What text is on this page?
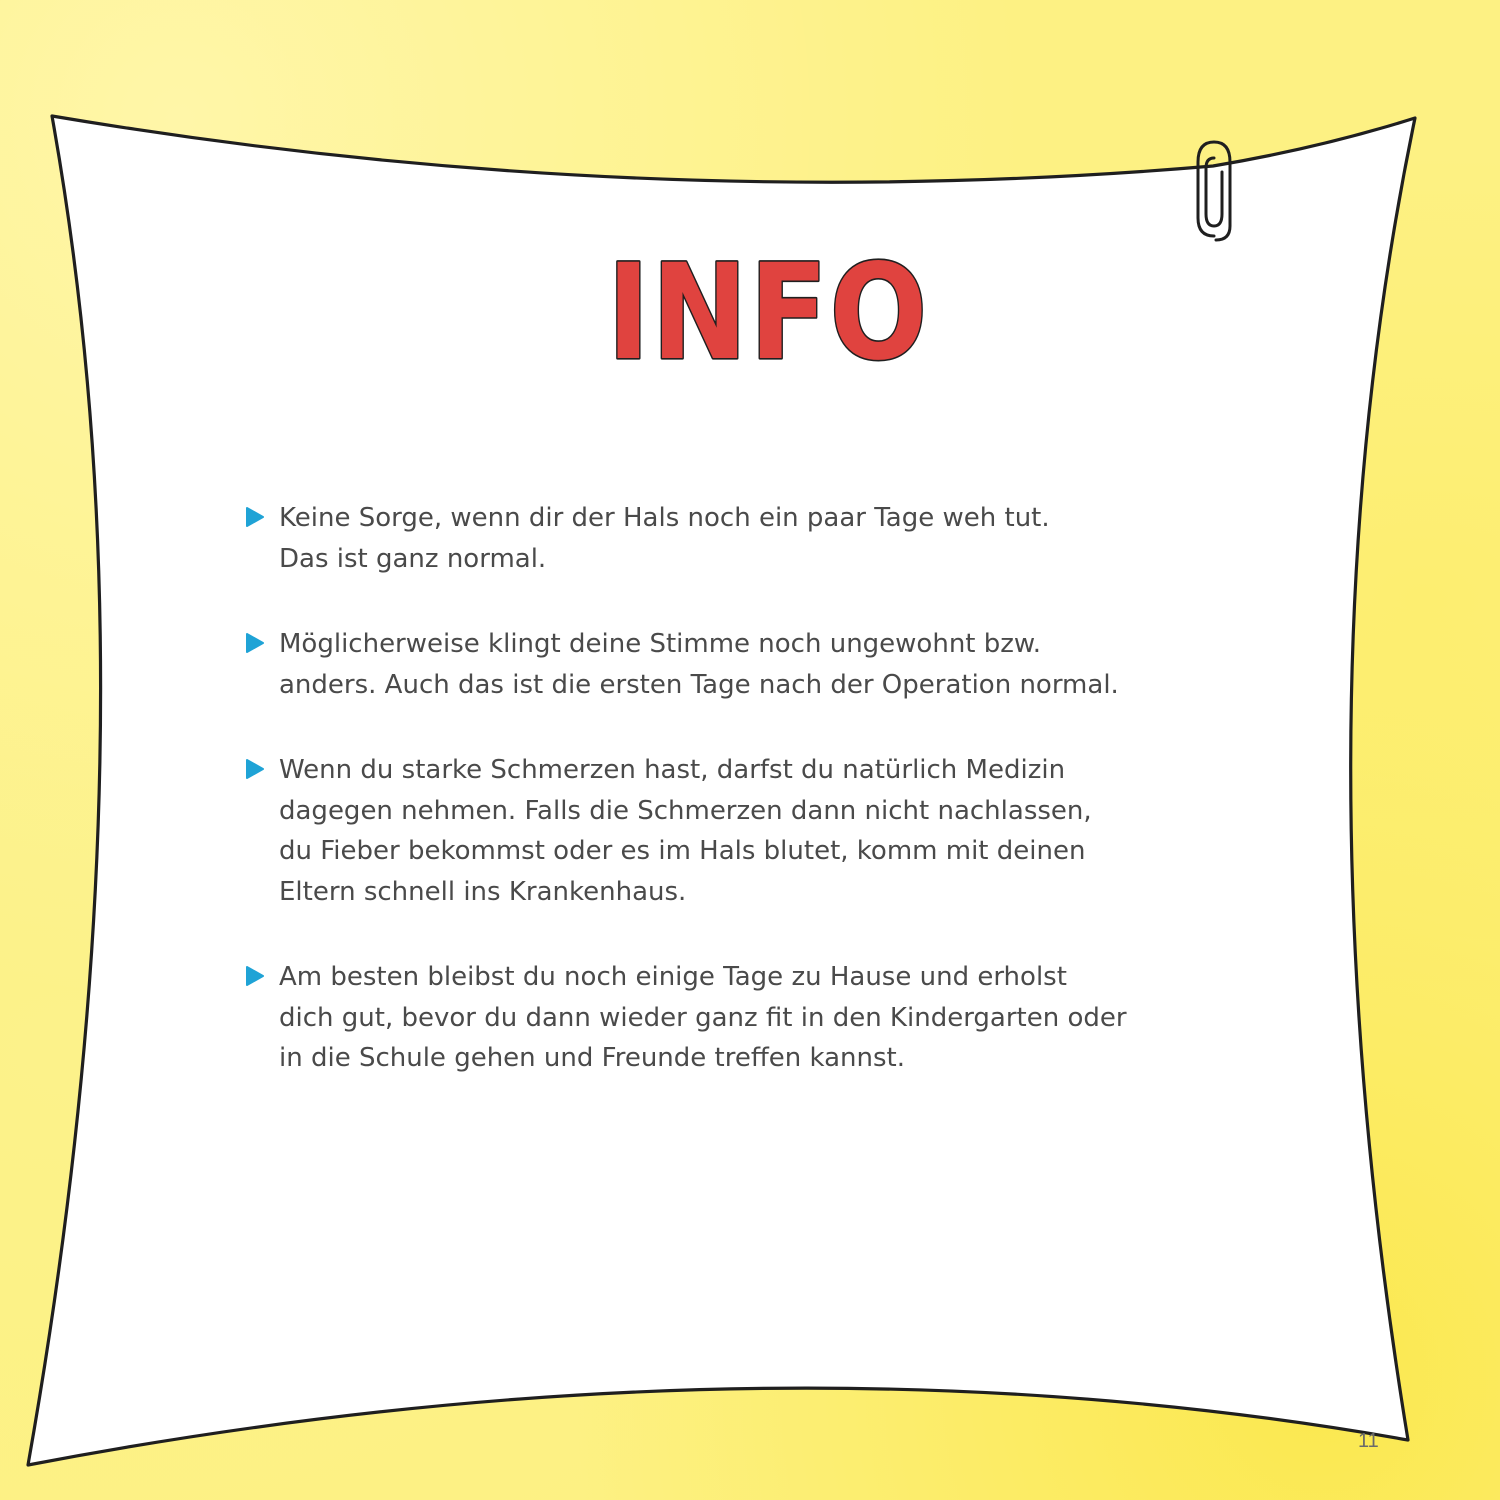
INFO
Keine Sorge, wenn dir der Hals noch ein paar Tage weh tut.
Das ist ganz normal.
Möglicherweise klingt deine Stimme noch ungewohnt bzw.
anders. Auch das ist die ersten Tage nach der Operation normal.
Wenn du starke Schmerzen hast, darfst du natürlich Medizin
dagegen nehmen. Falls die Schmerzen dann nicht nachlassen,
du Fieber bekommst oder es im Hals blutet, komm mit deinen
Eltern schnell ins Krankenhaus.
Am besten bleibst du noch einige Tage zu Hause und erholst
dich gut, bevor du dann wieder ganz fit in den Kindergarten oder
in die Schule gehen und Freunde treffen kannst.
11
